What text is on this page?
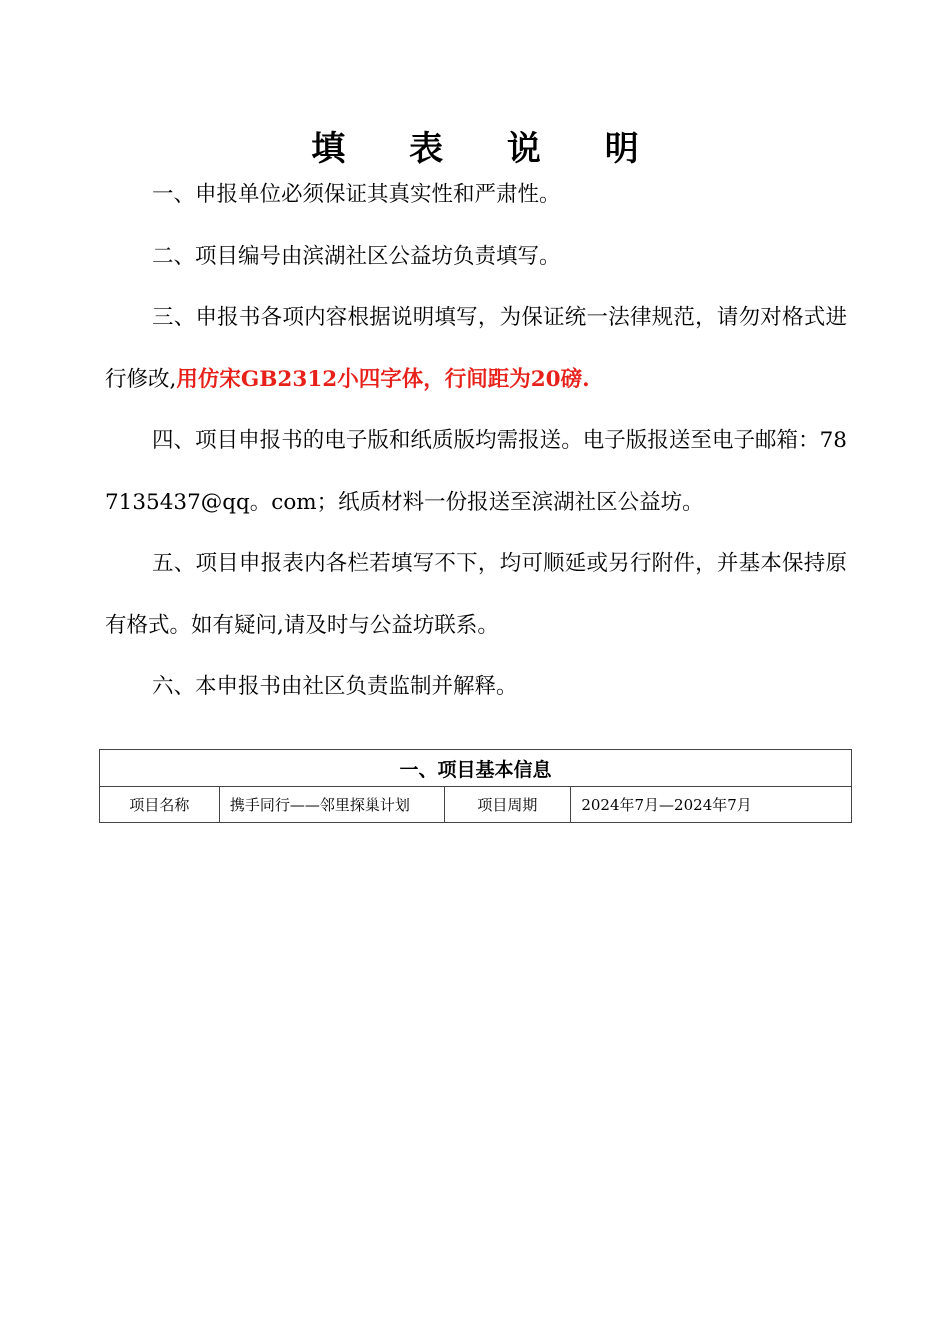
填 表 说 明

一、申报单位必须保证其真实性和严肃性。

二、项目编号由滨湖社区公益坊负责填写。

三、申报书各项内容根据说明填写，为保证统一法律规范，请勿对格式进行修改,用仿宋GB2312小四字体，行间距为20磅.

四、项目申报书的电子版和纸质版均需报送。电子版报送至电子邮箱：787135437@qq。com；纸质材料一份报送至滨湖社区公益坊。

五、项目申报表内各栏若填写不下，均可顺延或另行附件，并基本保持原有格式。如有疑问,请及时与公益坊联系。

六、本申报书由社区负责监制并解释。

一、项目基本信息
项目名称	携手同行——邻里探巢计划	项目周期	2024年7月—2024年7月
